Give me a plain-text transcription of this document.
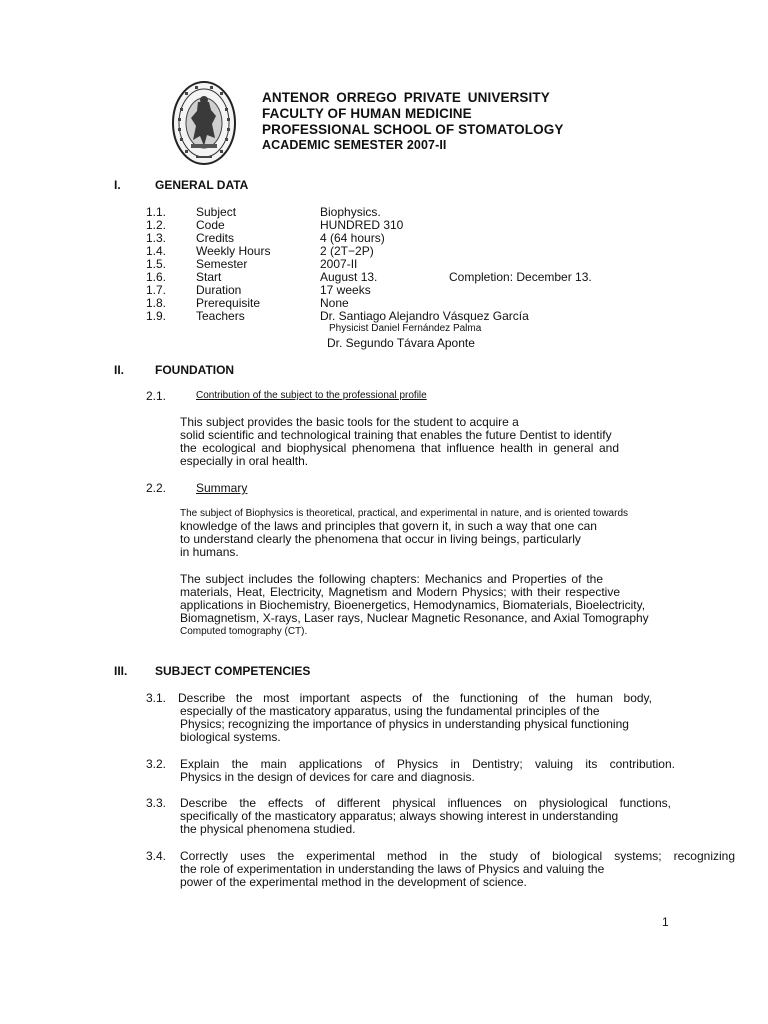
ANTENOR ORREGO PRIVATE UNIVERSITY
FACULTY OF HUMAN MEDICINE
PROFESSIONAL SCHOOL OF STOMATOLOGY
ACADEMIC SEMESTER 2007-II
I.	GENERAL DATA
1.1. Subject	Biophysics.
1.2. Code	HUNDRED 310
1.3. Credits	4 (64 hours)
1.4. Weekly Hours	2 (2T−2P)
1.5. Semester	2007-II
1.6. Start	August 13.	Completion: December 13.
1.7. Duration	17 weeks
1.8. Prerequisite	None
1.9. Teachers	Dr. Santiago Alejandro Vásquez García
Physicist Daniel Fernández Palma
Dr. Segundo Távara Aponte
II.	FOUNDATION
2.1.	Contribution of the subject to the professional profile
This subject provides the basic tools for the student to acquire a
solid scientific and technological training that enables the future Dentist to identify
the ecological and biophysical phenomena that influence health in general and
especially in oral health.
2.2. Summary
The subject of Biophysics is theoretical, practical, and experimental in nature, and is oriented towards
knowledge of the laws and principles that govern it, in such a way that one can
to understand clearly the phenomena that occur in living beings, particularly
in humans.
The subject includes the following chapters: Mechanics and Properties of the
materials, Heat, Electricity, Magnetism and Modern Physics; with their respective
applications in Biochemistry, Bioenergetics, Hemodynamics, Biomaterials, Bioelectricity,
Biomagnetism, X-rays, Laser rays, Nuclear Magnetic Resonance, and Axial Tomography
Computed tomography (CT).
III. SUBJECT COMPETENCIES
3.1. Describe the most important aspects of the functioning of the human body,
especially of the masticatory apparatus, using the fundamental principles of the
Physics; recognizing the importance of physics in understanding physical functioning
biological systems.
3.2. Explain the main applications of Physics in Dentistry; valuing its contribution.
Physics in the design of devices for care and diagnosis.
3.3. Describe the effects of different physical influences on physiological functions,
specifically of the masticatory apparatus; always showing interest in understanding
the physical phenomena studied.
3.4. Correctly uses the experimental method in the study of biological systems; recognizing
the role of experimentation in understanding the laws of Physics and valuing the
power of the experimental method in the development of science.
1
